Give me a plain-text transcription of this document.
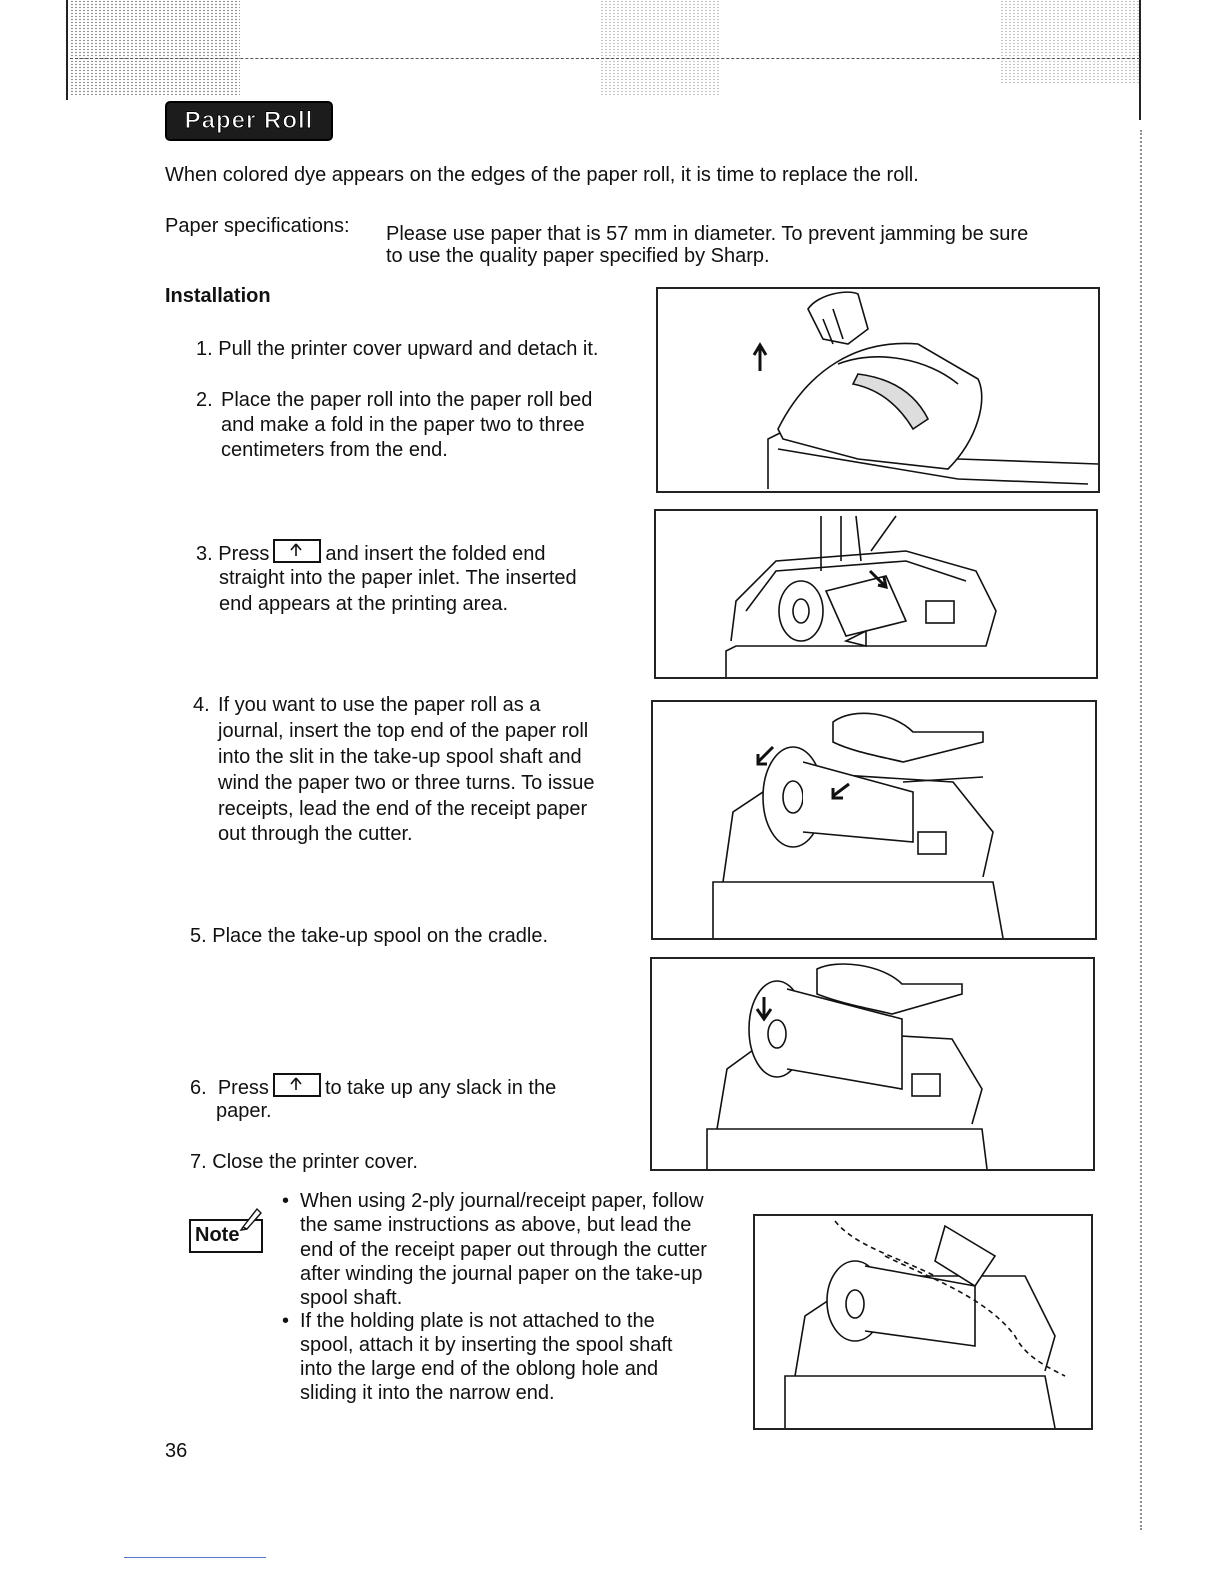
Paper Roll
When colored dye appears on the edges of the paper roll, it is time to replace the roll.
Paper specifications: Please use paper that is 57 mm in diameter. To prevent jamming be sure
to use the quality paper specified by Sharp.
Installation
1. Pull the printer cover upward and detach it.
2. Place the paper roll into the paper roll bed
and make a fold in the paper two to three
centimeters from the end.
3. Press	and insert the folded end
straight into the paper inlet. The inserted
end appears at the printing area.
4. If you want to use the paper roll as a
journal, insert the top end of the paper roll
into the slit in the take-up spool shaft and
wind the paper two or three turns. To issue
receipts, lead the end of the receipt paper
out through the cutter.
5. Place the take-up spool on the cradle.
6. Press	to take up any slack in the
paper.
7. Close the printer cover.
Note
• When using 2-ply journal/receipt paper, follow
the same instructions as above, but lead the
end of the receipt paper out through the cutter
after winding the journal paper on the take-up
spool shaft.
• If the holding plate is not attached to the
spool, attach it by inserting the spool shaft
into the large end of the oblong hole and
sliding it into the narrow end.
36
